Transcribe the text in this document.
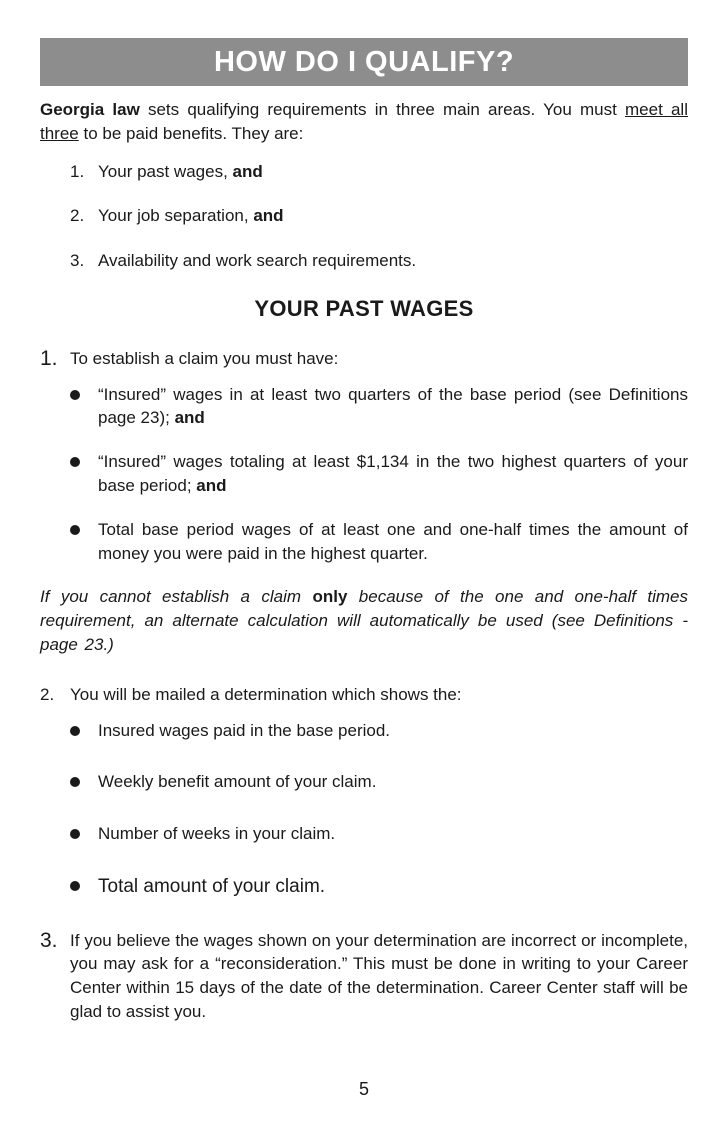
HOW DO I QUALIFY?
Georgia law sets qualifying requirements in three main areas. You must meet all three to be paid benefits. They are:
1. Your past wages, and
2. Your job separation, and
3. Availability and work search requirements.
YOUR PAST WAGES
1. To establish a claim you must have:
“Insured” wages in at least two quarters of the base period (see Definitions page 23); and
“Insured” wages totaling at least $1,134 in the two highest quarters of your base period; and
Total base period wages of at least one and one-half times the amount of money you were paid in the highest quarter.
If you cannot establish a claim only because of the one and one-half times requirement, an alternate calculation will automatically be used (see Definitions - page 23.)
2. You will be mailed a determination which shows the:
Insured wages paid in the base period.
Weekly benefit amount of your claim.
Number of weeks in your claim.
Total amount of your claim.
3. If you believe the wages shown on your determination are incorrect or incomplete, you may ask for a “reconsideration.” This must be done in writing to your Career Center within 15 days of the date of the determination. Career Center staff will be glad to assist you.
5
